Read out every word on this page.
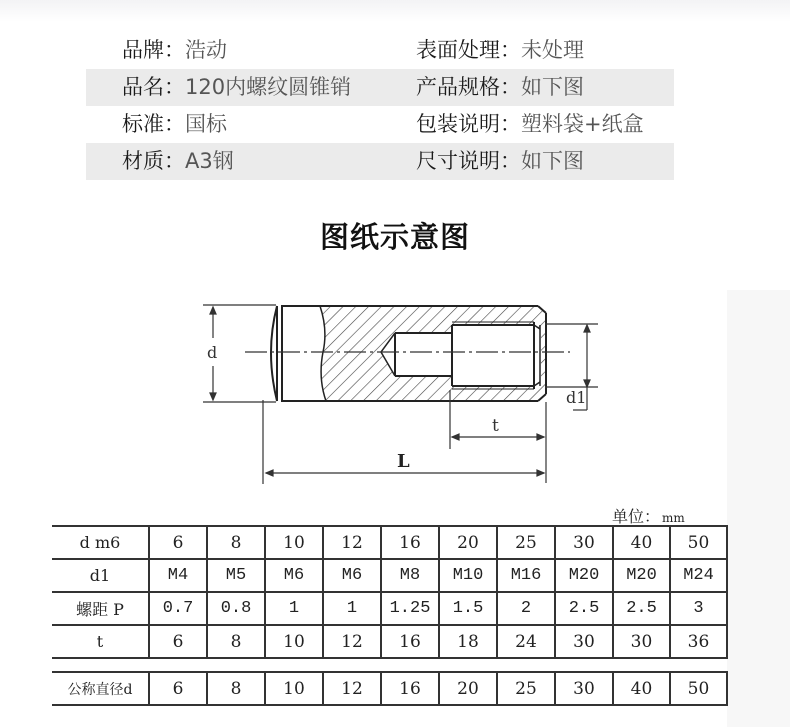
品牌：浩动	表面处理：未处理
品名：120内螺纹圆锥销	产品规格：如下图
标准：国标	包装说明：塑料袋+纸盒
材质：A3钢	尺寸说明：如下图
图纸示意图
d
d1
t
L
单位： mm
d m6	6	8	10	12	16	20	25	30	40	50
d1	M4	M5	M6	M6	M8	M10	M16	M20	M20	M24
螺距 P	0.7	0.8	1	1	1.25	1.5	2	2.5	2.5	3
t	6	8	10	12	16	18	24	30	30	36
公称直径d	6	8	10	12	16	20	25	30	40	50
